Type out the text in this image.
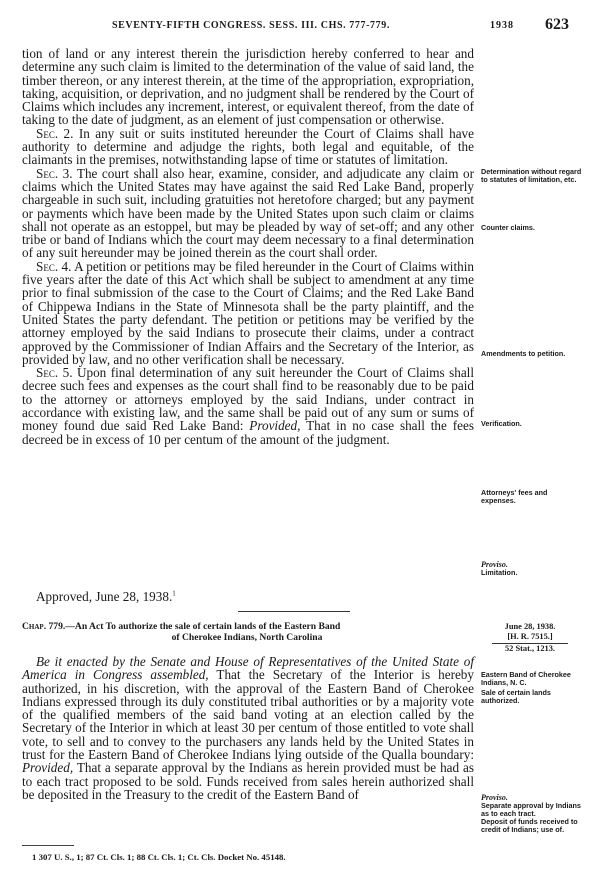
SEVENTY-FIFTH CONGRESS. SESS. III. CHS. 777-779.	1938 623

tion of land or any interest therein the jurisdiction hereby conferred to hear and determine any such claim is limited to the determination of the value of said land, the timber thereon, or any interest therein, at the time of the appropriation, expropriation, taking, acquisition, or deprivation, and no judgment shall be rendered by the Court of Claims which includes any increment, interest, or equivalent thereof, from the date of taking to the date of judgment, as an element of just compensation or otherwise.

Sec. 2. In any suit or suits instituted hereunder the Court of Claims shall have authority to determine and adjudge the rights, both legal and equitable, of the claimants in the premises, notwithstanding lapse of time or statutes of limitation.

Sec. 3. The court shall also hear, examine, consider, and adjudicate any claim or claims which the United States may have against the said Red Lake Band, properly chargeable in such suit, including gratuities not heretofore charged; but any payment or payments which have been made by the United States upon such claim or claims shall not operate as an estoppel, but may be pleaded by way of set-off; and any other tribe or band of Indians which the court may deem necessary to a final determination of any suit hereunder may be joined therein as the court shall order.

Sec. 4. A petition or petitions may be filed hereunder in the Court of Claims within five years after the date of this Act which shall be subject to amendment at any time prior to final submission of the case to the Court of Claims; and the Red Lake Band of Chippewa Indians in the State of Minnesota shall be the party plaintiff, and the United States the party defendant. The petition or petitions may be verified by the attorney employed by the said Indians to prosecute their claims, under a contract approved by the Commissioner of Indian Affairs and the Secretary of the Interior, as provided by law, and no other verification shall be necessary.

Sec. 5. Upon final determination of any suit hereunder the Court of Claims shall decree such fees and expenses as the court shall find to be reasonably due to be paid to the attorney or attorneys employed by the said Indians, under contract in accordance with existing law, and the same shall be paid out of any sum or sums of money found due said Red Lake Band: Provided, That in no case shall the fees decreed be in excess of 10 per centum of the amount of the judgment.

Approved, June 28, 1938.$^1$
Determination without regard to statutes of limitation, etc.
Counter claims.
Amendments to petition.
Verification.
Attorneys' fees and expenses.
Proviso.
Limitation.
Chap. 779.—An Act To authorize the sale of certain lands of the Eastern Band
of Cherokee Indians, North Carolina
June 28, 1938.
[H. R. 7515.]
52 Stat., 1213.
Eastern Band of Cherokee Indians, N. C.
Sale of certain lands authorized.
Proviso.
Separate approval by Indians as to each tract.
Deposit of funds received to credit of Indians; use of.

Be it enacted by the Senate and House of Representatives of the United State of America in Congress assembled, That the Secretary of the Interior is hereby authorized, in his discretion, with the approval of the Eastern Band of Cherokee Indians expressed through its duly constituted tribal authorities or by a majority vote of the qualified members of the said band voting at an election called by the Secretary of the Interior in which at least 30 per centum of those entitled to vote shall vote, to sell and to convey to the purchasers any lands held by the United States in trust for the Eastern Band of Cherokee Indians lying outside of the Qualla boundary: Provided, That a separate approval by the Indians as herein provided must be had as to each tract proposed to be sold. Funds received from sales herein authorized shall be deposited in the Treasury to the credit of the Eastern Band of

1 307 U. S., 1; 87 Ct. Cls. 1; 88 Ct. Cls. 1; Ct. Cls. Docket No. 45148.
